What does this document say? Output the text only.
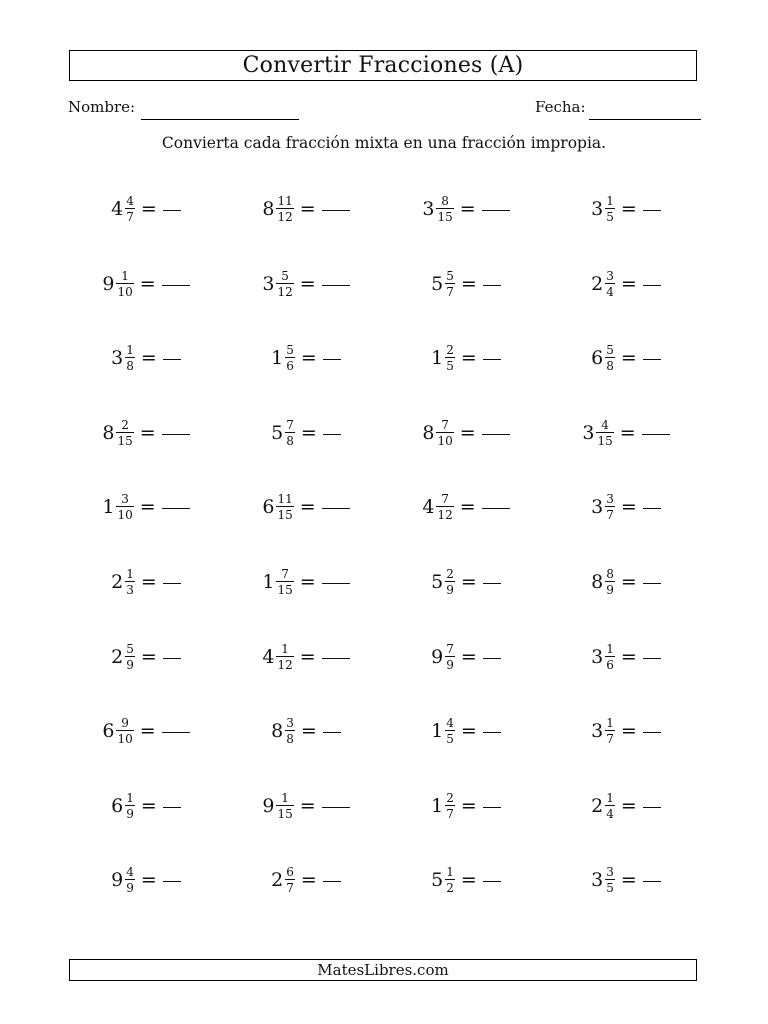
Convertir Fracciones (A)
Nombre:	Fecha:
Convierta cada fracción mixta en una fracción impropia.
$4 \frac{4}{7}$ =	$8 \frac{11}{12}$ =	$3 \frac{8}{15}$ =	$3 \frac{1}{5}$ =
$9 \frac{1}{10}$ =	$3 \frac{5}{12}$ =	$5 \frac{5}{7}$ =	$2 \frac{3}{4}$ =
$3 \frac{1}{8}$ =	$1 \frac{5}{6}$ =	$1 \frac{2}{5}$ =	$6 \frac{5}{8}$ =
$8 \frac{2}{15}$ =	$5 \frac{7}{8}$ =	$8 \frac{7}{10}$ =	$3 \frac{4}{15}$ =
$1 \frac{3}{10}$ =	$6 \frac{11}{15}$ =	$4 \frac{7}{12}$ =	$3 \frac{3}{7}$ =
$2 \frac{1}{3}$ =	$1 \frac{7}{15}$ =	$5 \frac{2}{9}$ =	$8 \frac{8}{9}$ =
$2 \frac{5}{9}$ =	$4 \frac{1}{12}$ =	$9 \frac{7}{9}$ =	$3 \frac{1}{6}$ =
$6 \frac{9}{10}$ =	$8 \frac{3}{8}$ =	$1 \frac{4}{5}$ =	$3 \frac{1}{7}$ =
$6 \frac{1}{9}$ =	$9 \frac{1}{15}$ =	$1 \frac{2}{7}$ =	$2 \frac{1}{4}$ =
$9 \frac{4}{9}$ =	$2 \frac{6}{7}$ =	$5 \frac{1}{2}$ =	$3 \frac{3}{5}$ =
MatesLibres.com
